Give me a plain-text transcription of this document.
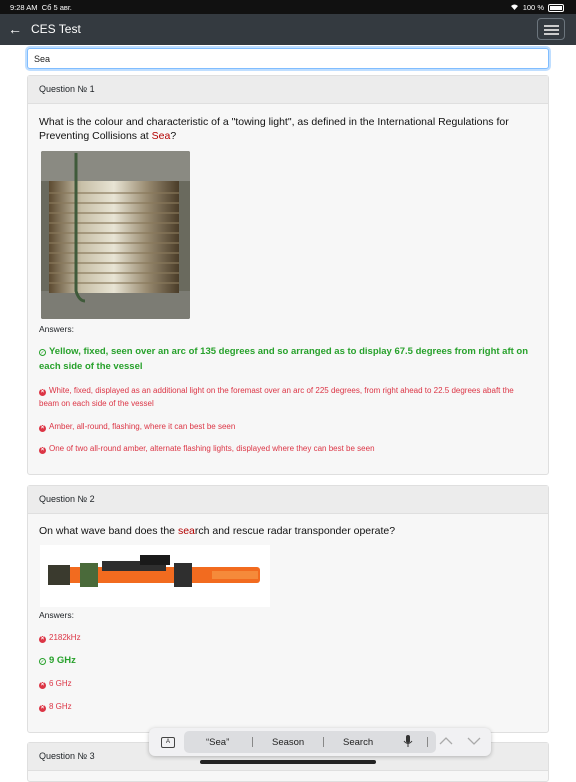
9:28 AM Сб 5 авг.	100 %
← CES Test
Sea
Question № 1
What is the colour and characteristic of a "towing light", as defined in the International Regulations for Preventing Collisions at Sea?
Answers:
✓ Yellow, fixed, seen over an arc of 135 degrees and so arranged as to display 67.5 degrees from right aft on each side of the vessel
× White, fixed, displayed as an additional light on the foremast over an arc of 225 degrees, from right ahead to 22.5 degrees abaft the beam on each side of the vessel
× Amber, all-round, flashing, where it can best be seen
× One of two all-round amber, alternate flashing lights, displayed where they can best be seen
Question № 2
On what wave band does the search and rescue radar transponder operate?
Answers:
× 2182kHz
✓ 9 GHz
× 6 GHz
× 8 GHz
Question № 3
A	“Sea”	Season	Search
